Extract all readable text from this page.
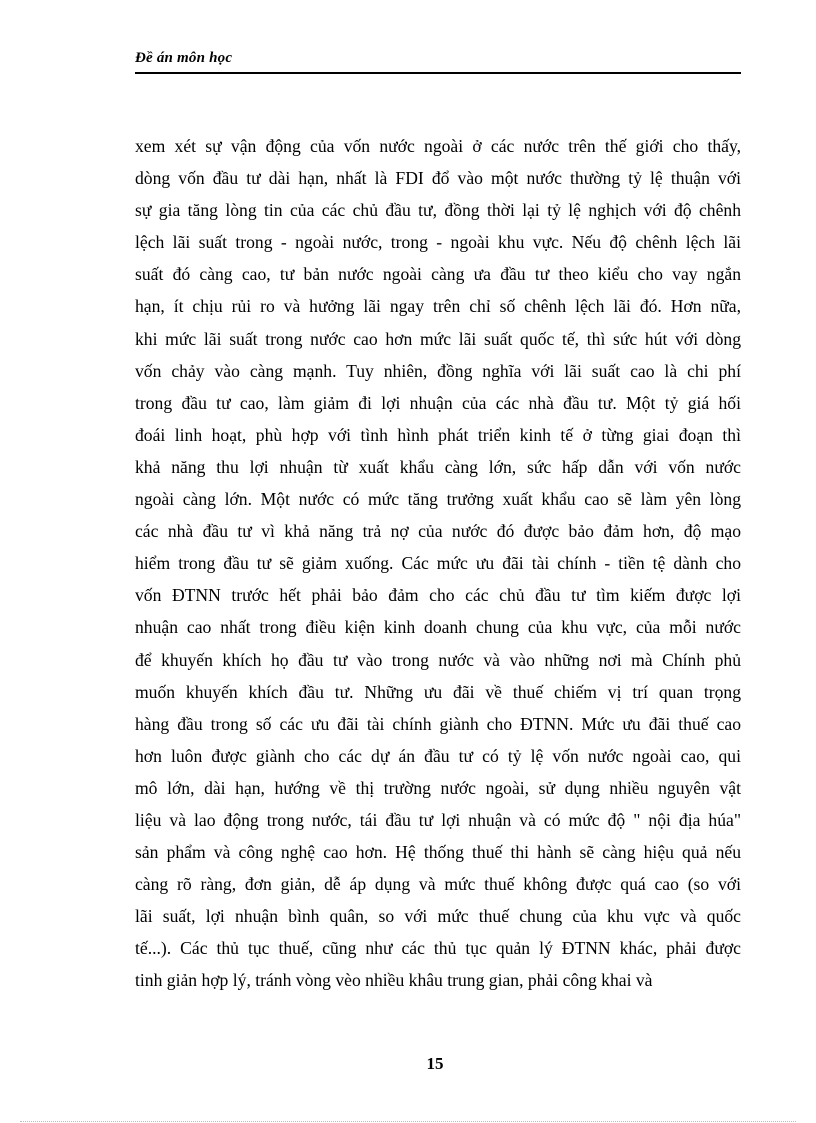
Đề án môn học
xem xét sự vận động của vốn nước ngoài ở các nước trên thế giới cho thấy,
dòng vốn đầu tư dài hạn, nhất là FDI đổ vào một nước thường tỷ lệ thuận với
sự gia tăng lòng tin của các chủ đầu tư, đồng thời lại tỷ lệ nghịch với độ chênh
lệch lãi suất trong - ngoài nước, trong - ngoài khu vực. Nếu độ chênh lệch lãi
suất đó càng cao, tư bản nước ngoài càng ưa đầu tư theo kiểu cho vay ngắn
hạn, ít chịu rủi ro và hưởng lãi ngay trên chỉ số chênh lệch lãi đó. Hơn nữa,
khi mức lãi suất trong nước cao hơn mức lãi suất quốc tế, thì sức hút với dòng
vốn chảy vào càng mạnh. Tuy nhiên, đồng nghĩa với lãi suất cao là chi phí
trong đầu tư cao, làm giảm đi lợi nhuận của các nhà đầu tư. Một tỷ giá hối
đoái linh hoạt, phù hợp với tình hình phát triển kinh tế ở từng giai đoạn thì
khả năng thu lợi nhuận từ xuất khẩu càng lớn, sức hấp dẫn với vốn nước
ngoài càng lớn. Một nước có mức tăng trưởng xuất khẩu cao sẽ làm yên lòng
các nhà đầu tư vì khả năng trả nợ của nước đó được bảo đảm hơn, độ mạo
hiểm trong đầu tư sẽ giảm xuống. Các mức ưu đãi tài chính - tiền tệ dành cho
vốn ĐTNN trước hết phải bảo đảm cho các chủ đầu tư tìm kiếm được lợi
nhuận cao nhất trong điều kiện kinh doanh chung của khu vực, của mỗi nước
để khuyến khích họ đầu tư vào trong nước và vào những nơi mà Chính phủ
muốn khuyến khích đầu tư. Những ưu đãi về thuế chiếm vị trí quan trọng
hàng đầu trong số các ưu đãi tài chính giành cho ĐTNN. Mức ưu đãi thuế cao
hơn luôn được giành cho các dự án đầu tư có tỷ lệ vốn nước ngoài cao, qui
mô lớn, dài hạn, hướng về thị trường nước ngoài, sử dụng nhiều nguyên vật
liệu và lao động trong nước, tái đầu tư lợi nhuận và có mức độ " nội địa húa"
sản phẩm và công nghệ cao hơn. Hệ thống thuế thi hành sẽ càng hiệu quả nếu
càng rõ ràng, đơn giản, dễ áp dụng và mức thuế không được quá cao (so với
lãi suất, lợi nhuận bình quân, so với mức thuế chung của khu vực và quốc
tế...). Các thủ tục thuế, cũng như các thủ tục quản lý ĐTNN khác, phải được
tinh giản hợp lý, tránh vòng vèo nhiều khâu trung gian, phải công khai và
15
